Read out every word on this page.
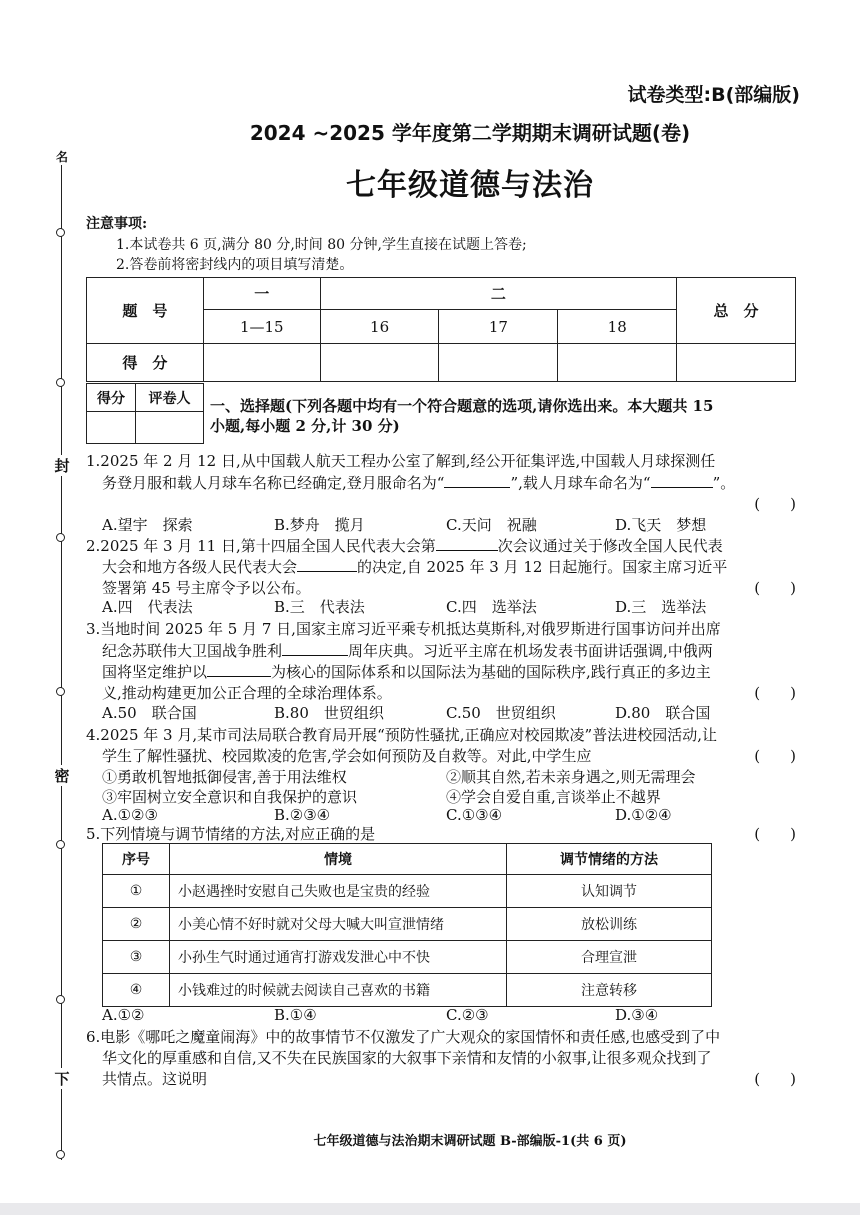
名
封
密
下
试卷类型:B(部编版)
2024 ~2025 学年度第二学期期末调研试题(卷)
七年级道德与法治
注意事项:
1.本试卷共 6 页,满分 80 分,时间 80 分钟,学生直接在试题上答卷;
2.答卷前将密封线内的项目填写清楚。
题　号	一	二			总　分
	1—15	16	17	18	
得　分					
得分	评卷人
	一、选择题(下列各题中均有一个符合题意的选项,请你选出来。本大题共 15
小题,每小题 2 分,计 30 分)
1.2025 年 2 月 12 日,从中国载人航天工程办公室了解到,经公开征集评选,中国载人月球探测任
务登月服和载人月球车名称已经确定,登月服命名为“	”,载人月球车命名为“	”。
(　　)
A.望宇　探索	B.梦舟　揽月	C.天问　祝融	D.飞天　梦想
2.2025 年 3 月 11 日,第十四届全国人民代表大会第	次会议通过关于修改全国人民代表
大会和地方各级人民代表大会	的决定,自 2025 年 3 月 12 日起施行。国家主席习近平
签署第 45 号主席令予以公布。	(　　)
A.四　代表法	B.三　代表法	C.四　选举法	D.三　选举法
3.当地时间 2025 年 5 月 7 日,国家主席习近平乘专机抵达莫斯科,对俄罗斯进行国事访问并出席
纪念苏联伟大卫国战争胜利	周年庆典。习近平主席在机场发表书面讲话强调,中俄两
国将坚定维护以	为核心的国际体系和以国际法为基础的国际秩序,践行真正的多边主
义,推动构建更加公正合理的全球治理体系。	(　　)
A.50　联合国	B.80　世贸组织	C.50　世贸组织	D.80　联合国
4.2025 年 3 月,某市司法局联合教育局开展“预防性骚扰,正确应对校园欺凌”普法进校园活动,让
学生了解性骚扰、校园欺凌的危害,学会如何预防及自救等。对此,中学生应	(　　)
①勇敢机智地抵御侵害,善于用法维权	②顺其自然,若未亲身遇之,则无需理会
③牢固树立安全意识和自我保护的意识	④学会自爱自重,言谈举止不越界
A.①②③	B.②③④	C.①③④	D.①②④
5.下列情境与调节情绪的方法,对应正确的是	(　　)
序号	情境	调节情绪的方法
①	小赵遇挫时安慰自己失败也是宝贵的经验	认知调节
②	小美心情不好时就对父母大喊大叫宣泄情绪	放松训练
③	小孙生气时通过通宵打游戏发泄心中不快	合理宣泄
④	小钱难过的时候就去阅读自己喜欢的书籍	注意转移
A.①②	B.①④	C.②③	D.③④
6.电影《哪吒之魔童闹海》中的故事情节不仅激发了广大观众的家国情怀和责任感,也感受到了中
华文化的厚重感和自信,又不失在民族国家的大叙事下亲情和友情的小叙事,让很多观众找到了
共情点。这说明	(　　)
七年级道德与法治期末调研试题 B-部编版-1(共 6 页)
